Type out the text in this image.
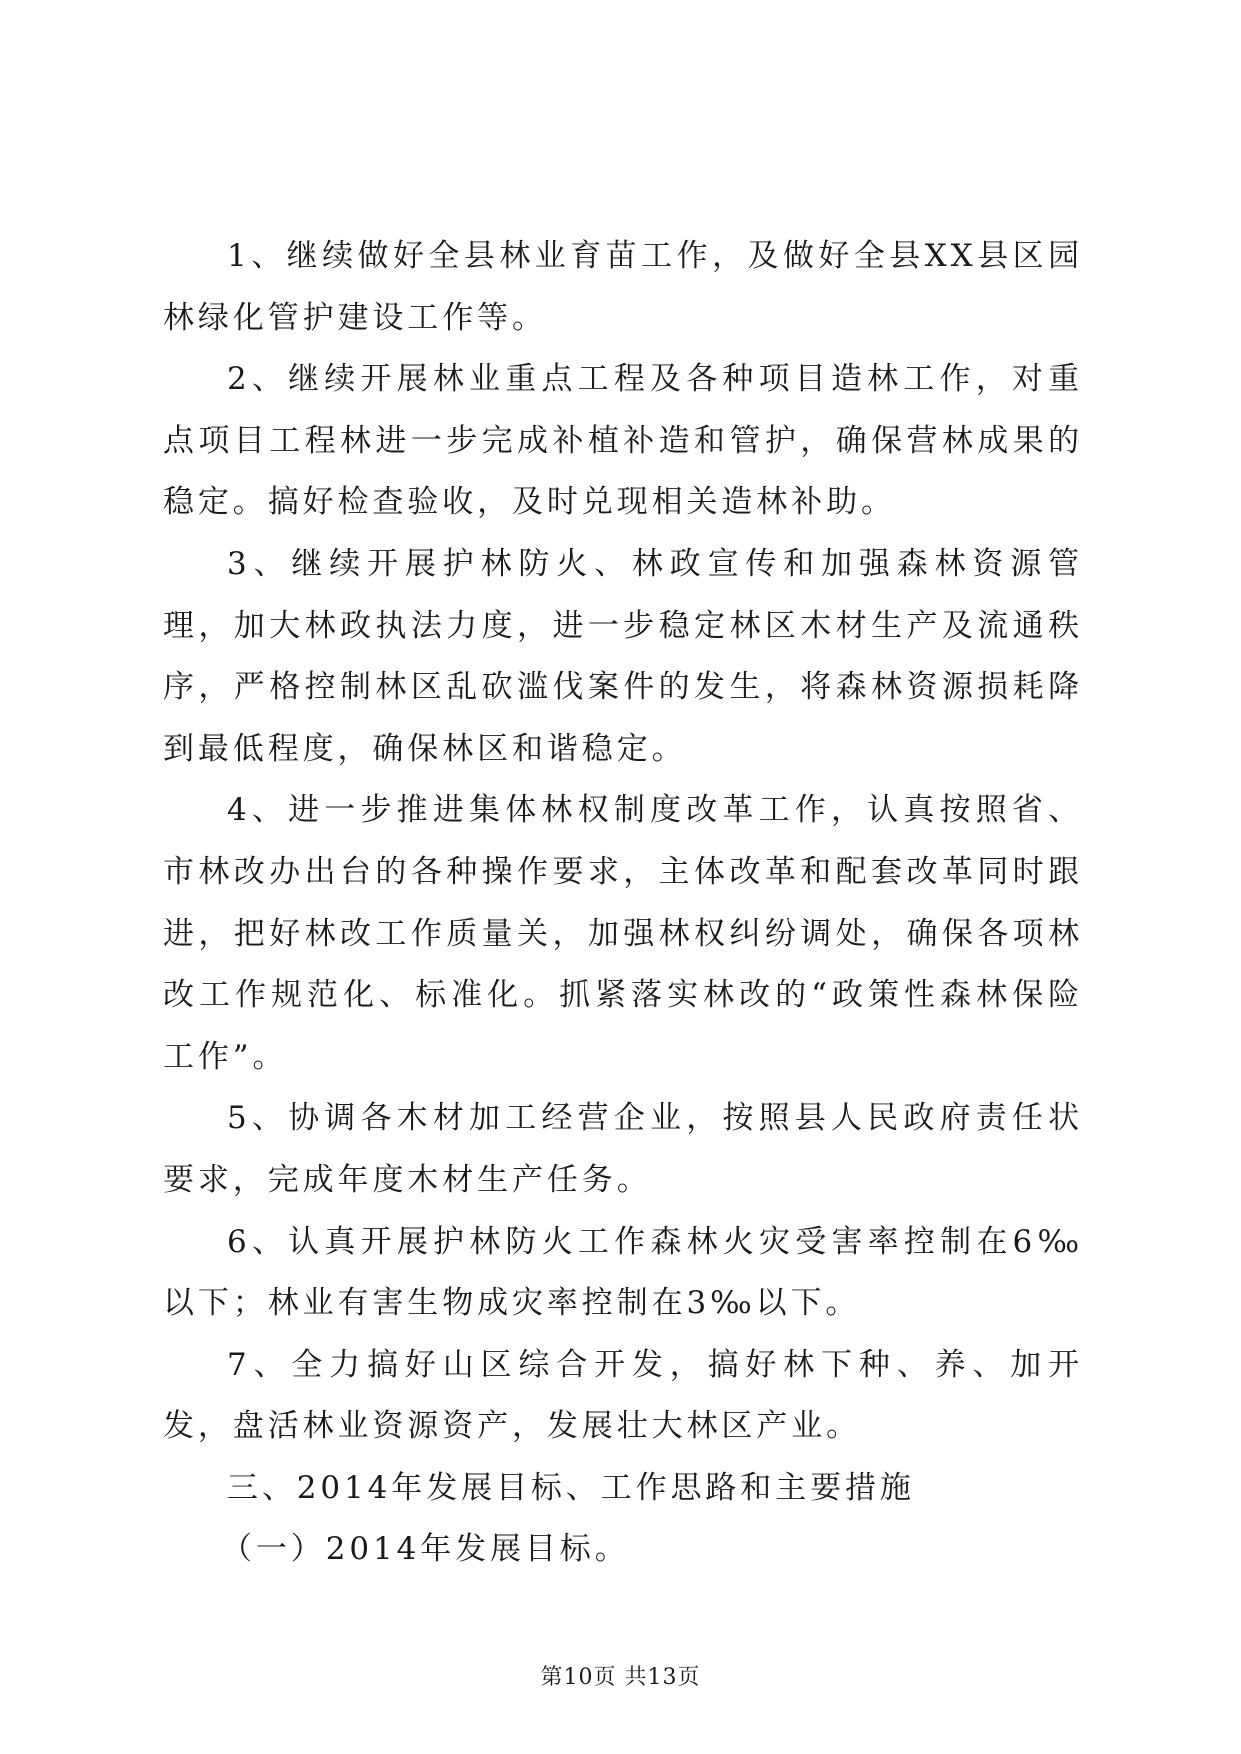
1、继续做好全县林业育苗工作，及做好全县XX县区园林绿化管护建设工作等。

2、继续开展林业重点工程及各种项目造林工作，对重点项目工程林进一步完成补植补造和管护，确保营林成果的稳定。搞好检查验收，及时兑现相关造林补助。

3、继续开展护林防火、林政宣传和加强森林资源管理，加大林政执法力度，进一步稳定林区木材生产及流通秩序，严格控制林区乱砍滥伐案件的发生，将森林资源损耗降到最低程度，确保林区和谐稳定。

4、进一步推进集体林权制度改革工作，认真按照省、市林改办出台的各种操作要求，主体改革和配套改革同时跟进，把好林改工作质量关，加强林权纠纷调处，确保各项林改工作规范化、标准化。抓紧落实林改的“政策性森林保险工作”。

5、协调各木材加工经营企业，按照县人民政府责任状要求，完成年度木材生产任务。

6、认真开展护林防火工作森林火灾受害率控制在6‰以下；林业有害生物成灾率控制在3‰以下。

7、全力搞好山区综合开发，搞好林下种、养、加开发，盘活林业资源资产，发展壮大林区产业。

三、2014年发展目标、工作思路和主要措施

（一）2014年发展目标。

第10页 共13页
